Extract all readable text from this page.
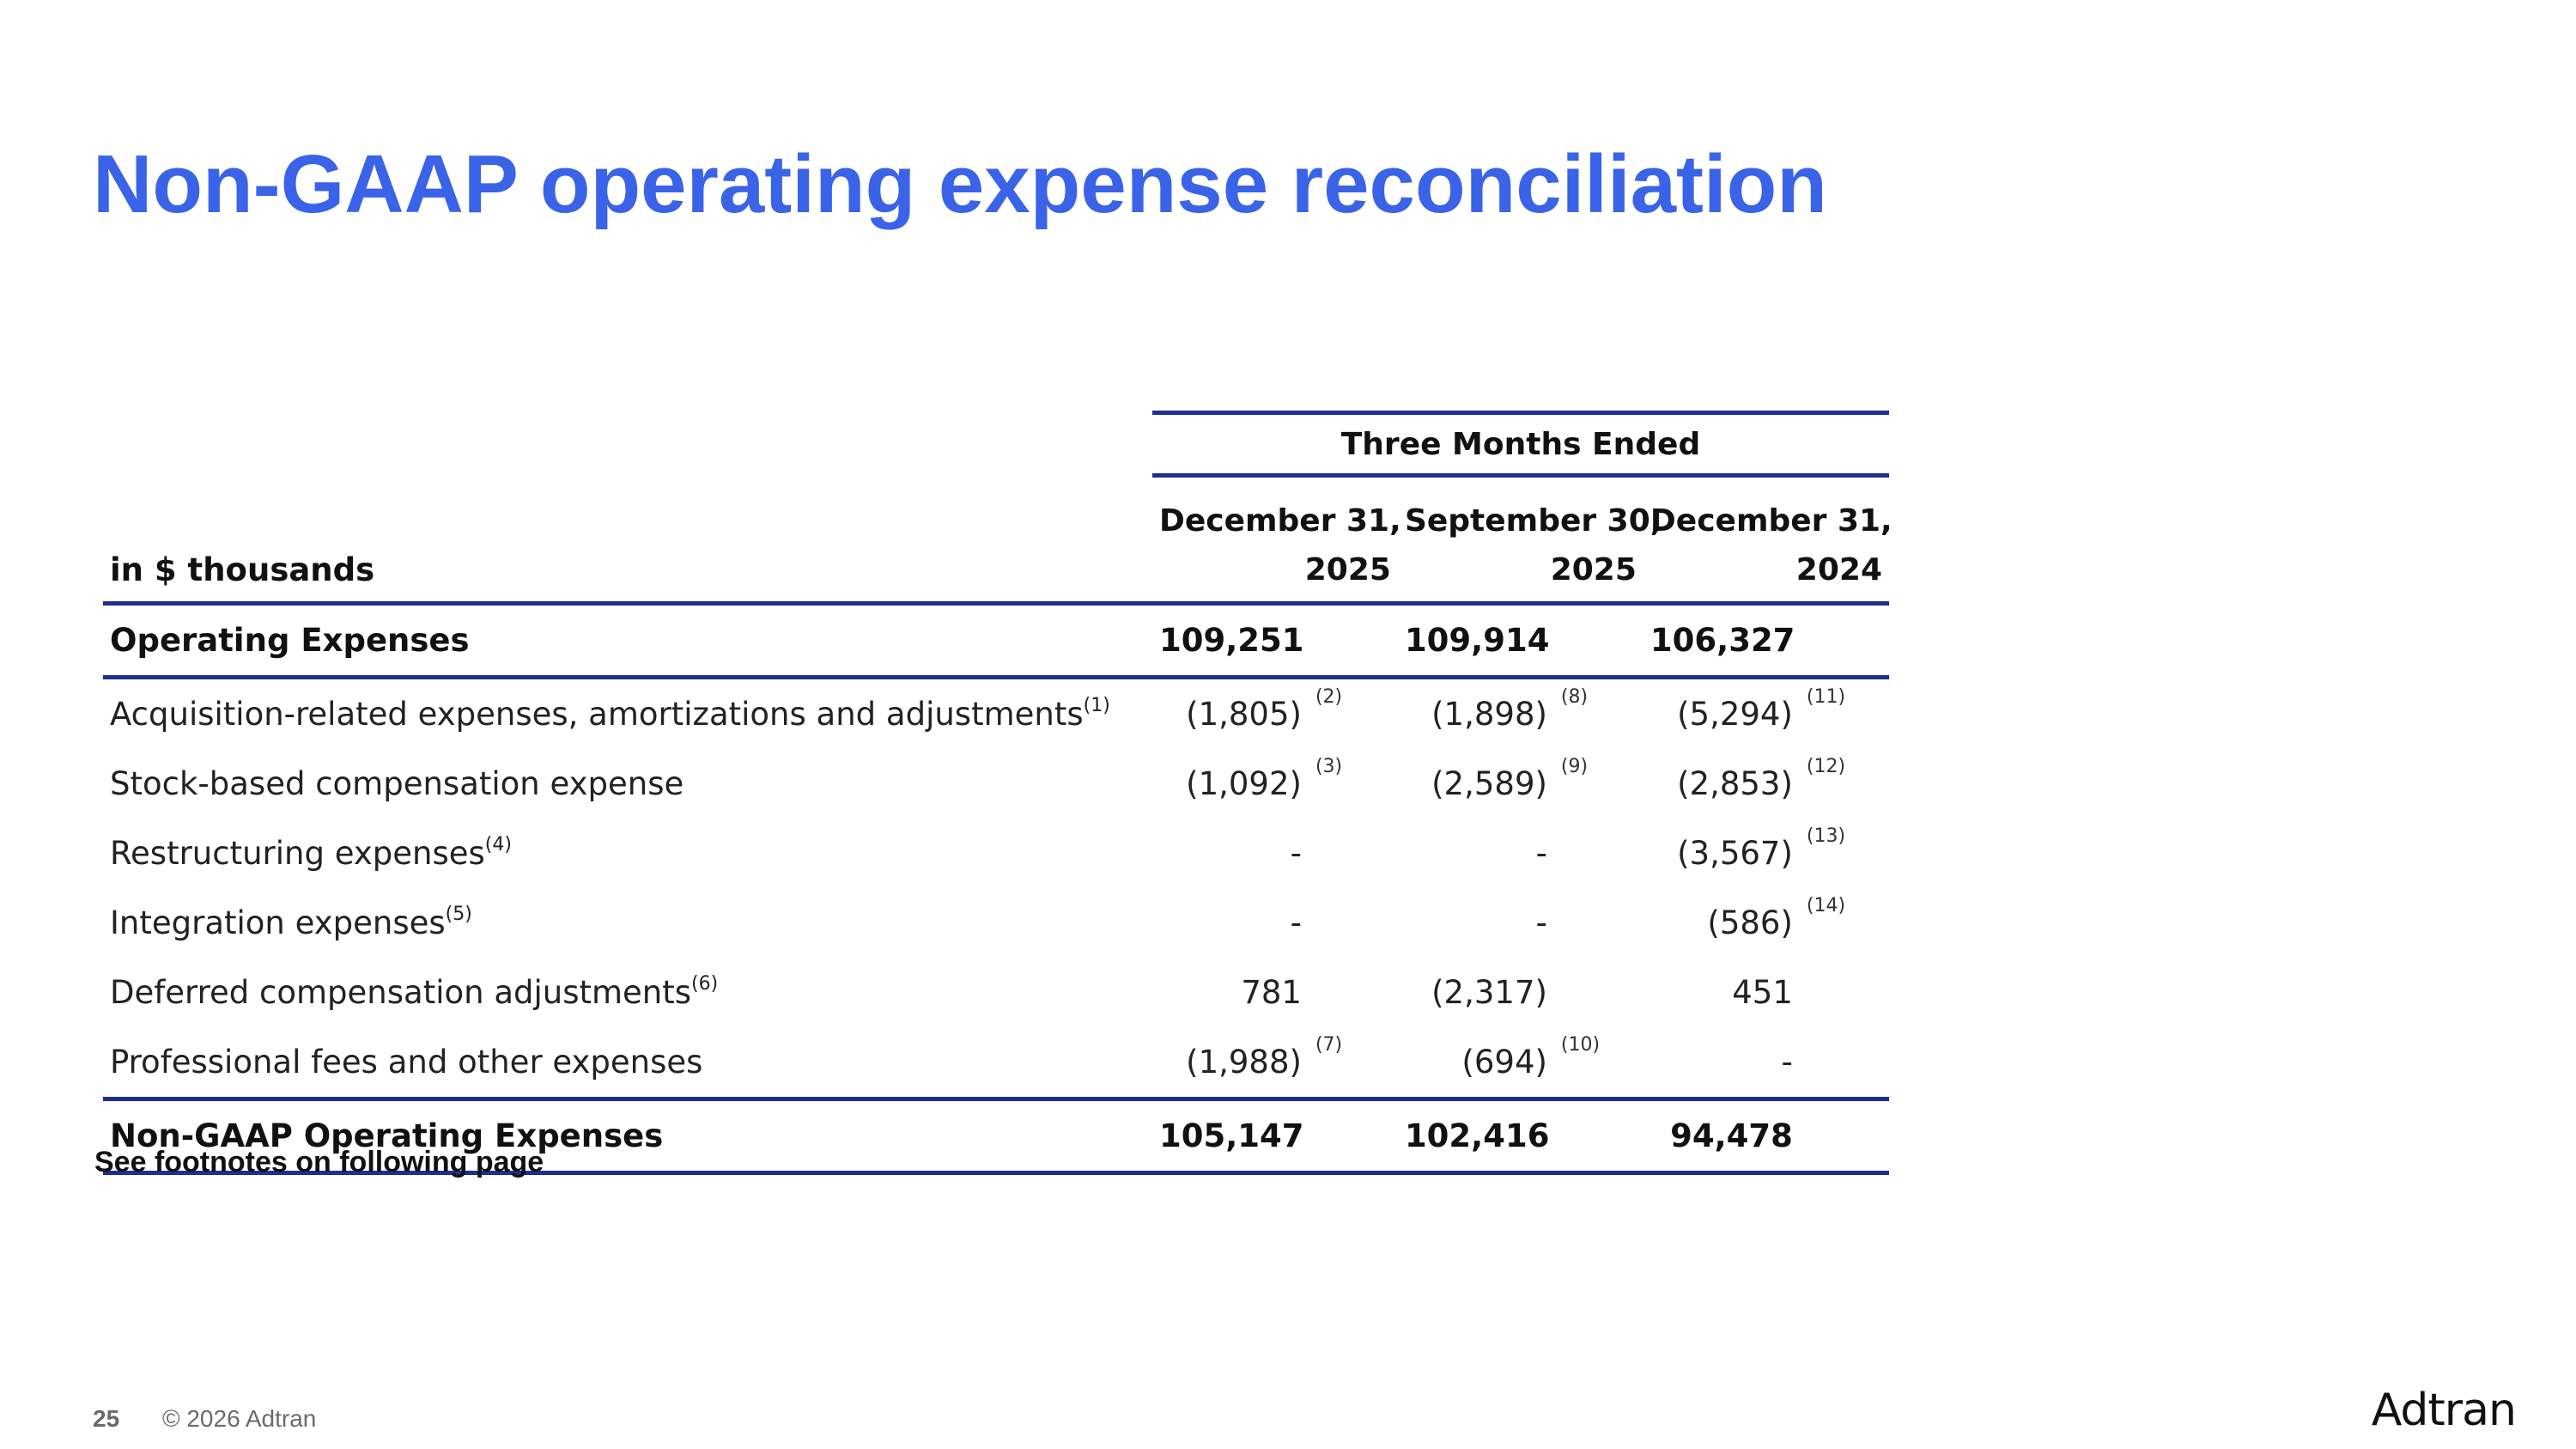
Non-GAAP operating expense reconciliation
	Three Months Ended					
	December 31,		September 30,		December 31,	
in $ thousands	2025		2025		2024	
Operating Expenses	109,251		109,914		106,327	
Acquisition-related expenses, amortizations and adjustments$^{(1)}$	(1,805)	(2)	(1,898)	(8)	(5,294)	(11)
Stock-based compensation expense	(1,092)	(3)	(2,589)	(9)	(2,853)	(12)
Restructuring expenses$^{(4)}$	-		-		(3,567)	(13)
Integration expenses$^{(5)}$	-		-		(586)	(14)
Deferred compensation adjustments$^{(6)}$	781		(2,317)		451	
Professional fees and other expenses	(1,988)	(7)	(694)	(10)	-	
Non-GAAP Operating Expenses	105,147		102,416		94,478	

See footnotes on following page

25 © 2026 Adtran	Adtran
